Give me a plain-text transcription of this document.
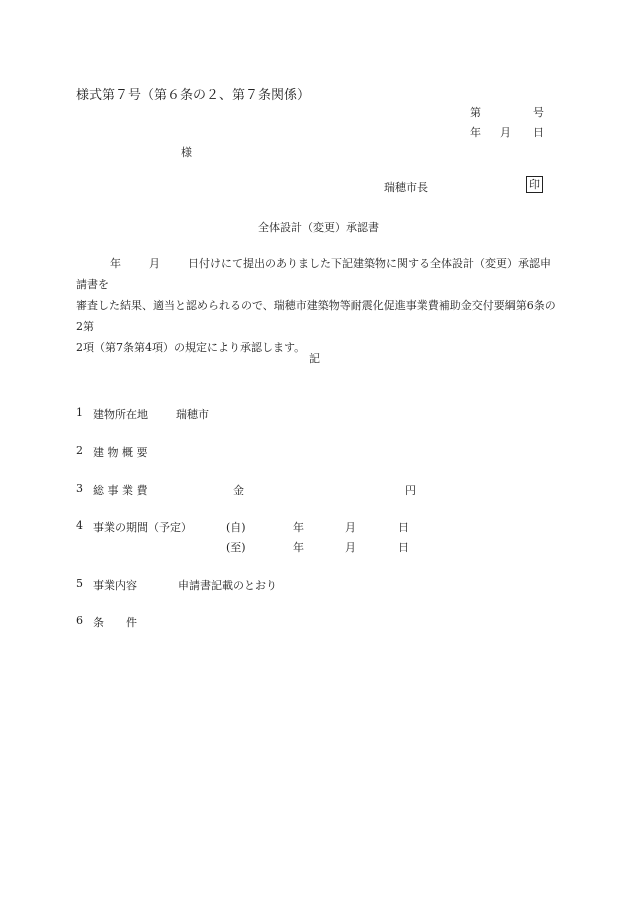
様式第７号（第６条の２、第７条関係）
第	号
年 月 日
様
瑞穂市長	印
全体設計（変更）承認書
年	月	日付けにて提出のありました下記建築物に関する全体設計（変更）承認申請書を
審査した結果、適当と認められるので、瑞穂市建築物等耐震化促進事業費補助金交付要綱第6条の2第
2項（第7条第4項）の規定により承認します。
記
1 建物所在地	瑞穂市
2 建 物 概 要
3 総 事 業 費	金	円
4 事業の期間（予定）	(自)	年	月	日
(至)	年	月	日
5 事業内容	申請書記載のとおり
6 条　　件
